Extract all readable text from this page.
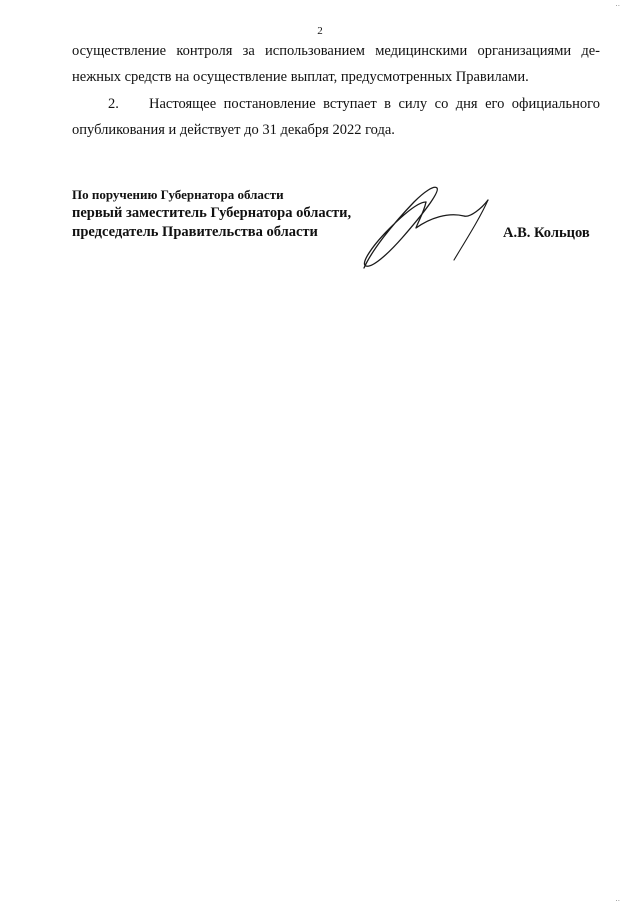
2
осуществление контроля за использованием медицинскими организациями де-
нежных средств на осуществление выплат, предусмотренных Правилами.
2. Настоящее постановление вступает в силу со дня его официального
опубликования и действует до 31 декабря 2022 года.
По поручению Губернатора области
первый заместитель Губернатора области,
председатель Правительства области	А.В. Кольцов
‥
‥
